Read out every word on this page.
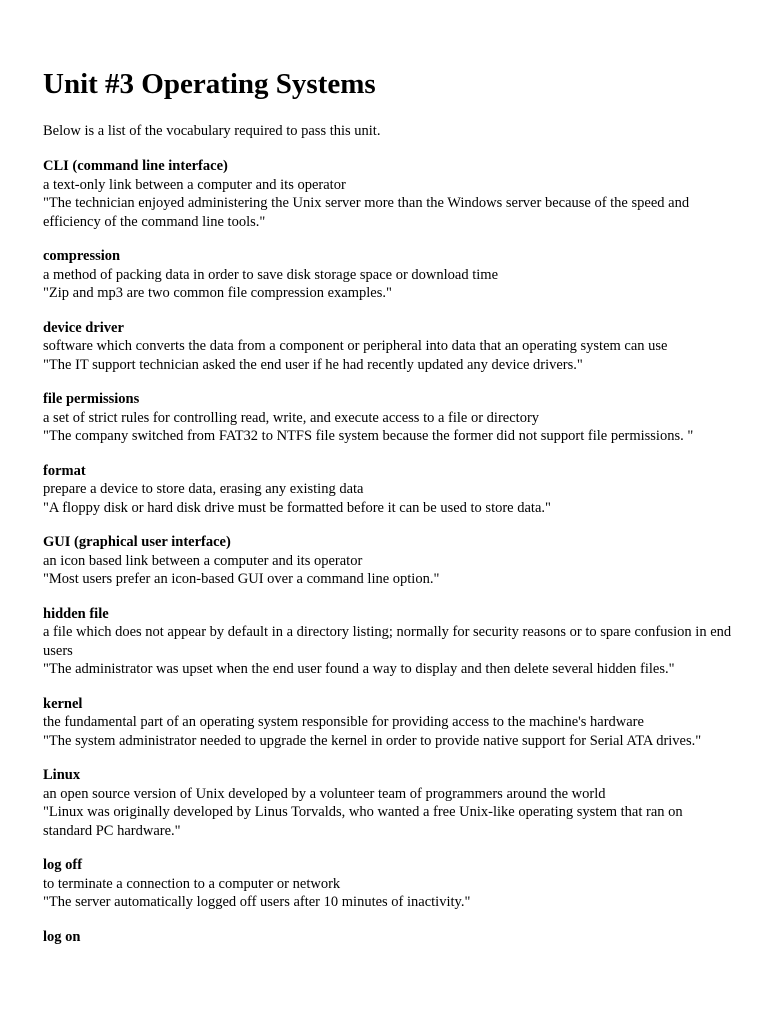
Unit #3 Operating Systems
Below is a list of the vocabulary required to pass this unit.
CLI (command line interface)
a text-only link between a computer and its operator
"The technician enjoyed administering the Unix server more than the Windows server because of the speed and efficiency of the command line tools."
compression
a method of packing data in order to save disk storage space or download time
"Zip and mp3 are two common file compression examples."
device driver
software which converts the data from a component or peripheral into data that an operating system can use
"The IT support technician asked the end user if he had recently updated any device drivers."
file permissions
a set of strict rules for controlling read, write, and execute access to a file or directory
"The company switched from FAT32 to NTFS file system because the former did not support file permissions. "
format
prepare a device to store data, erasing any existing data
"A floppy disk or hard disk drive must be formatted before it can be used to store data."
GUI (graphical user interface)
an icon based link between a computer and its operator
"Most users prefer an icon-based GUI over a command line option."
hidden file
a file which does not appear by default in a directory listing; normally for security reasons or to spare confusion in end users
"The administrator was upset when the end user found a way to display and then delete several hidden files."
kernel
the fundamental part of an operating system responsible for providing access to the machine's hardware
"The system administrator needed to upgrade the kernel in order to provide native support for Serial ATA drives."
Linux
an open source version of Unix developed by a volunteer team of programmers around the world
"Linux was originally developed by Linus Torvalds, who wanted a free Unix-like operating system that ran on standard PC hardware."
log off
to terminate a connection to a computer or network
"The server automatically logged off users after 10 minutes of inactivity."
log on
